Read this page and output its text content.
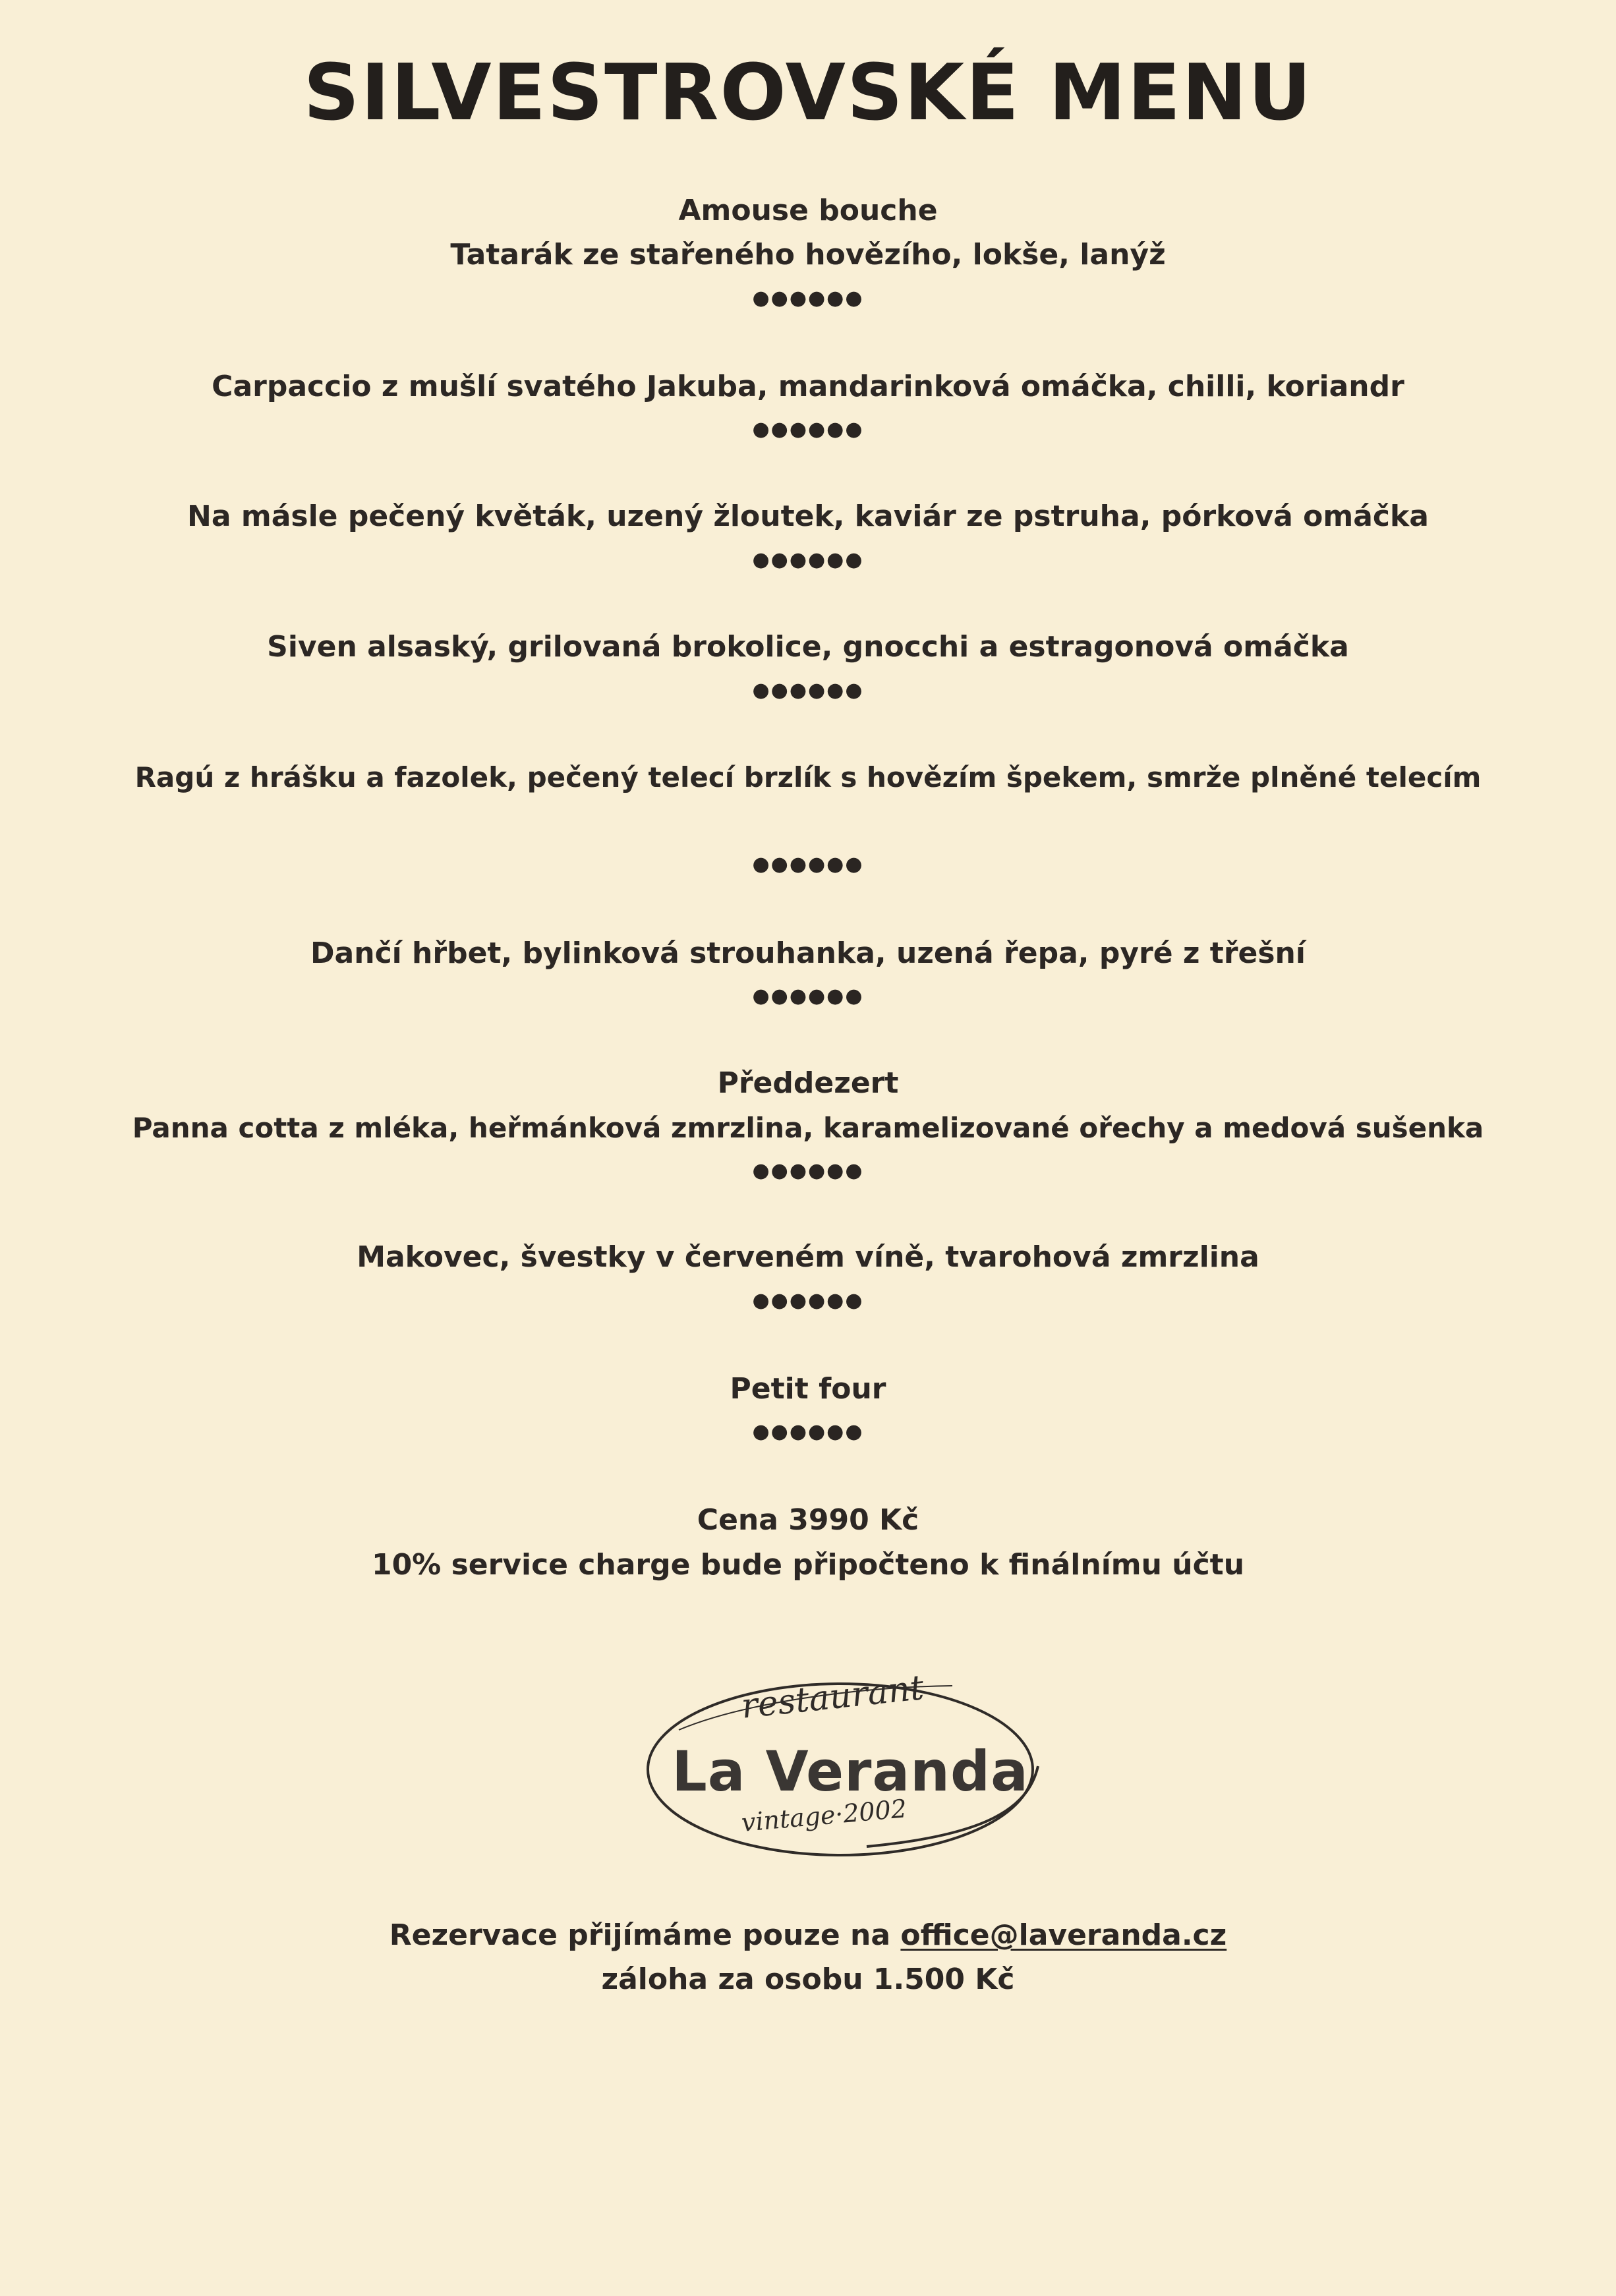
SILVESTROVSKÉ MENU
Amouse bouche
Tatarák ze stařeného hovězího, lokše, lanýž
●●●●●●
Carpaccio z mušlí svatého Jakuba, mandarinková omáčka, chilli, koriandr
●●●●●●
Na másle pečený květák, uzený žloutek, kaviár ze pstruha, pórková omáčka
●●●●●●
Siven alsaský, grilovaná brokolice, gnocchi a estragonová omáčka
●●●●●●
Ragú z hrášku a fazolek, pečený telecí brzlík s hovězím špekem, smrže plněné telecím
●●●●●●
Dančí hřbet, bylinková strouhanka, uzená řepa, pyré z třešní
●●●●●●
Předdezert
Panna cotta z mléka, heřmánková zmrzlina, karamelizované ořechy a medová sušenka
●●●●●●
Makovec, švestky v červeném víně, tvarohová zmrzlina
●●●●●●
Petit four
●●●●●●
Cena 3990 Kč
10% service charge bude připočteno k finálnímu účtu
restaurant
La Veranda
vintage·2002
Rezervace přijímáme pouze na office@laveranda.cz
záloha za osobu 1.500 Kč
